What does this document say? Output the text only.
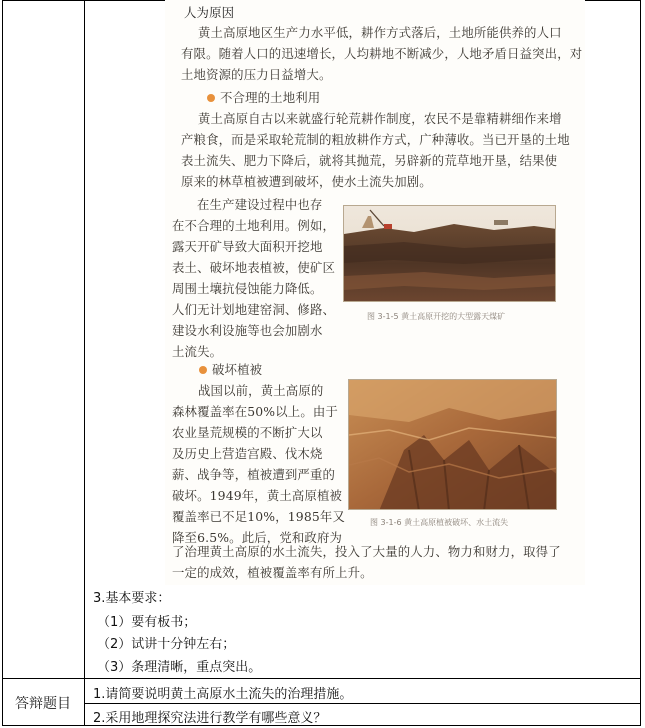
人为原因
黄土高原地区生产力水平低，耕作方式落后，土地所能供养的人口
有限。随着人口的迅速增长，人均耕地不断减少，人地矛盾日益突出，对
土地资源的压力日益增大。
不合理的土地利用
黄土高原自古以来就盛行轮荒耕作制度，农民不是靠精耕细作来增
产粮食，而是采取轮荒制的粗放耕作方式，广种薄收。当已开垦的土地
表土流失、肥力下降后，就将其抛荒，另辟新的荒草地开垦，结果使
原来的林草植被遭到破坏，使水土流失加剧。
在生产建设过程中也存
在不合理的土地利用。例如，
露天开矿导致大面积开挖地
表土、破坏地表植被，使矿区
周围土壤抗侵蚀能力降低。
人们无计划地建窑洞、修路、
建设水利设施等也会加剧水
土流失。
图 3-1-5 黄土高原开挖的大型露天煤矿
破坏植被
战国以前，黄土高原的
森林覆盖率在50%以上。由于
农业垦荒规模的不断扩大以
及历史上营造宫殿、伐木烧
薪、战争等，植被遭到严重的
破坏。1949年，黄土高原植被
覆盖率已不足10%，1985年又
降至6.5%。此后，党和政府为
图 3-1-6 黄土高原植被破坏、水土流失
了治理黄土高原的水土流失，投入了大量的人力、物力和财力，取得了
一定的成效，植被覆盖率有所上升。
3.基本要求：
（1）要有板书；
（2）试讲十分钟左右；
（3）条理清晰，重点突出。
答辩题目
1.请简要说明黄土高原水土流失的治理措施。
2.采用地理探究法进行教学有哪些意义？
